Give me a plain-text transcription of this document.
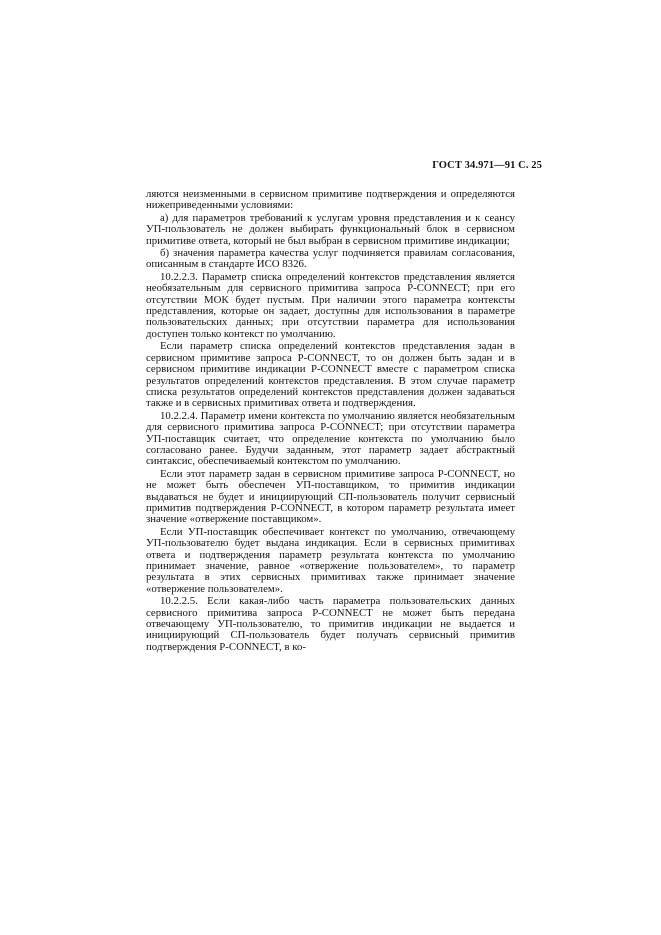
ГОСТ 34.971—91 С. 25

ляются неизменными в сервисном примитиве подтверждения и определяются нижеприведенными условиями:

а) для параметров требований к услугам уровня представления и к сеансу УП-пользователь не должен выбирать функциональный блок в сервисном примитиве ответа, который не был выбран в сервисном примитиве индикации;

б) значения параметра качества услуг подчиняется правилам согласования, описанным в стандарте ИСО 8326.

10.2.2.3. Параметр списка определений контекстов представления является необязательным для сервисного примитива запроса P-CONNECT; при его отсутствии МОК будет пустым. При наличии этого параметра контексты представления, которые он задает, доступны для использования в параметре пользовательских данных; при отсутствии параметра для использования доступен только контекст по умолчанию.

Если параметр списка определений контекстов представления задан в сервисном примитиве запроса P-CONNECT, то он должен быть задан и в сервисном примитиве индикации P-CONNECT вместе с параметром списка результатов определений контекстов представления. В этом случае параметр списка результатов определений контекстов представления должен задаваться также и в сервисных примитивах ответа и подтверждения.

10.2.2.4. Параметр имени контекста по умолчанию является необязательным для сервисного примитива запроса P-CONNECT; при отсутствии параметра УП-поставщик считает, что определение контекста по умолчанию было согласовано ранее. Будучи заданным, этот параметр задает абстрактный синтаксис, обеспечиваемый контекстом по умолчанию.

Если этот параметр задан в сервисном примитиве запроса P-CONNECT, но не может быть обеспечен УП-поставщиком, то примитив индикации выдаваться не будет и инициирующий СП-пользователь получит сервисный примитив подтверждения P-CONNECT, в котором параметр результата имеет значение «отвержение поставщиком».

Если УП-поставщик обеспечивает контекст по умолчанию, отвечающему УП-пользователю будет выдана индикация. Если в сервисных примитивах ответа и подтверждения параметр результата контекста по умолчанию принимает значение, равное «отвержение пользователем», то параметр результата в этих сервисных примитивах также принимает значение «отвержение пользователем».

10.2.2.5. Если какая-либо часть параметра пользовательских данных сервисного примитива запроса P-CONNECT не может быть передана отвечающему УП-пользователю, то примитив индикации не выдается и инициирующий СП-пользователь будет получать сервисный примитив подтверждения P-CONNECT, в ко-
